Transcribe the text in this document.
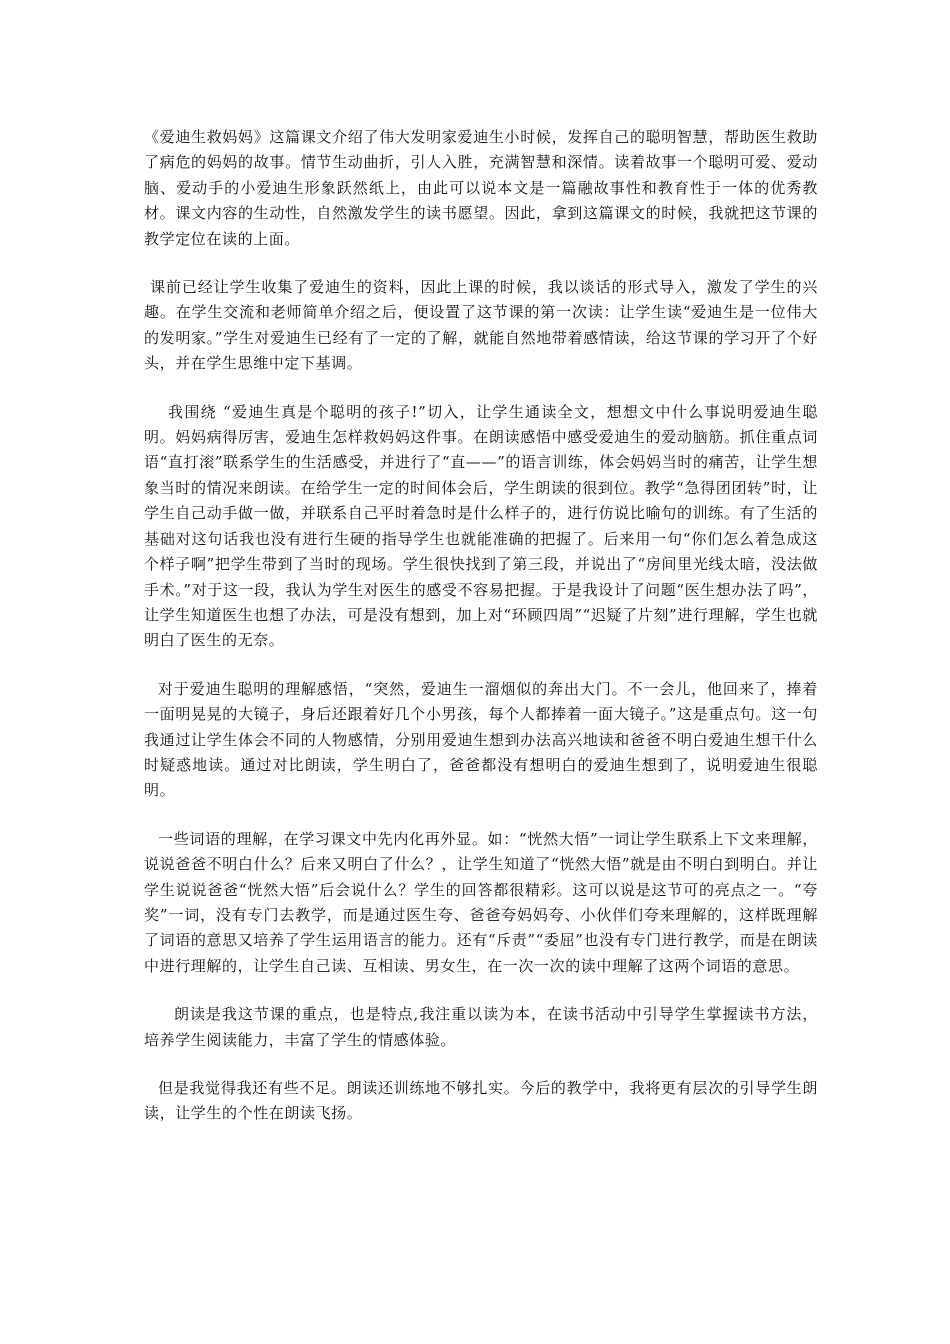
《爱迪生救妈妈》这篇课文介绍了伟大发明家爱迪生小时候，发挥自己的聪明智慧，帮助医生救助了病危的妈妈的故事。情节生动曲折，引人入胜，充满智慧和深情。读着故事一个聪明可爱、爱动脑、爱动手的小爱迪生形象跃然纸上，由此可以说本文是一篇融故事性和教育性于一体的优秀教材。课文内容的生动性，自然激发学生的读书愿望。因此，拿到这篇课文的时候，我就把这节课的教学定位在读的上面。

课前已经让学生收集了爱迪生的资料，因此上课的时候，我以谈话的形式导入，激发了学生的兴趣。在学生交流和老师简单介绍之后，便设置了这节课的第一次读：让学生读“爱迪生是一位伟大的发明家。”学生对爱迪生已经有了一定的了解，就能自然地带着感情读，给这节课的学习开了个好头，并在学生思维中定下基调。

我围绕 “爱迪生真是个聪明的孩子!”切入，让学生通读全文，想想文中什么事说明爱迪生聪明。妈妈病得厉害，爱迪生怎样救妈妈这件事。在朗读感悟中感受爱迪生的爱动脑筋。抓住重点词语“直打滚”联系学生的生活感受，并进行了“直——”的语言训练，体会妈妈当时的痛苦，让学生想象当时的情况来朗读。在给学生一定的时间体会后，学生朗读的很到位。教学“急得团团转”时，让学生自己动手做一做，并联系自己平时着急时是什么样子的，进行仿说比喻句的训练。有了生活的基础对这句话我也没有进行生硬的指导学生也就能准确的把握了。后来用一句“你们怎么着急成这个样子啊”把学生带到了当时的现场。学生很快找到了第三段，并说出了“房间里光线太暗，没法做手术。”对于这一段，我认为学生对医生的感受不容易把握。于是我设计了问题“医生想办法了吗”，让学生知道医生也想了办法，可是没有想到，加上对“环顾四周”“迟疑了片刻”进行理解，学生也就明白了医生的无奈。

对于爱迪生聪明的理解感悟，“突然，爱迪生一溜烟似的奔出大门。不一会儿，他回来了，捧着一面明晃晃的大镜子，身后还跟着好几个小男孩，每个人都捧着一面大镜子。”这是重点句。这一句我通过让学生体会不同的人物感情，分别用爱迪生想到办法高兴地读和爸爸不明白爱迪生想干什么时疑惑地读。通过对比朗读，学生明白了，爸爸都没有想明白的爱迪生想到了，说明爱迪生很聪明。

一些词语的理解，在学习课文中先内化再外显。如：“恍然大悟”一词让学生联系上下文来理解，说说爸爸不明白什么？后来又明白了什么？，让学生知道了“恍然大悟”就是由不明白到明白。并让学生说说爸爸“恍然大悟”后会说什么？学生的回答都很精彩。这可以说是这节可的亮点之一。“夸奖”一词，没有专门去教学，而是通过医生夸、爸爸夸妈妈夸、小伙伴们夸来理解的，这样既理解了词语的意思又培养了学生运用语言的能力。还有“斥责”“委屈”也没有专门进行教学，而是在朗读中进行理解的，让学生自己读、互相读、男女生，在一次一次的读中理解了这两个词语的意思。

朗读是我这节课的重点，也是特点,我注重以读为本，在读书活动中引导学生掌握读书方法，培养学生阅读能力，丰富了学生的情感体验。

但是我觉得我还有些不足。朗读还训练地不够扎实。今后的教学中，我将更有层次的引导学生朗读，让学生的个性在朗读飞扬。
